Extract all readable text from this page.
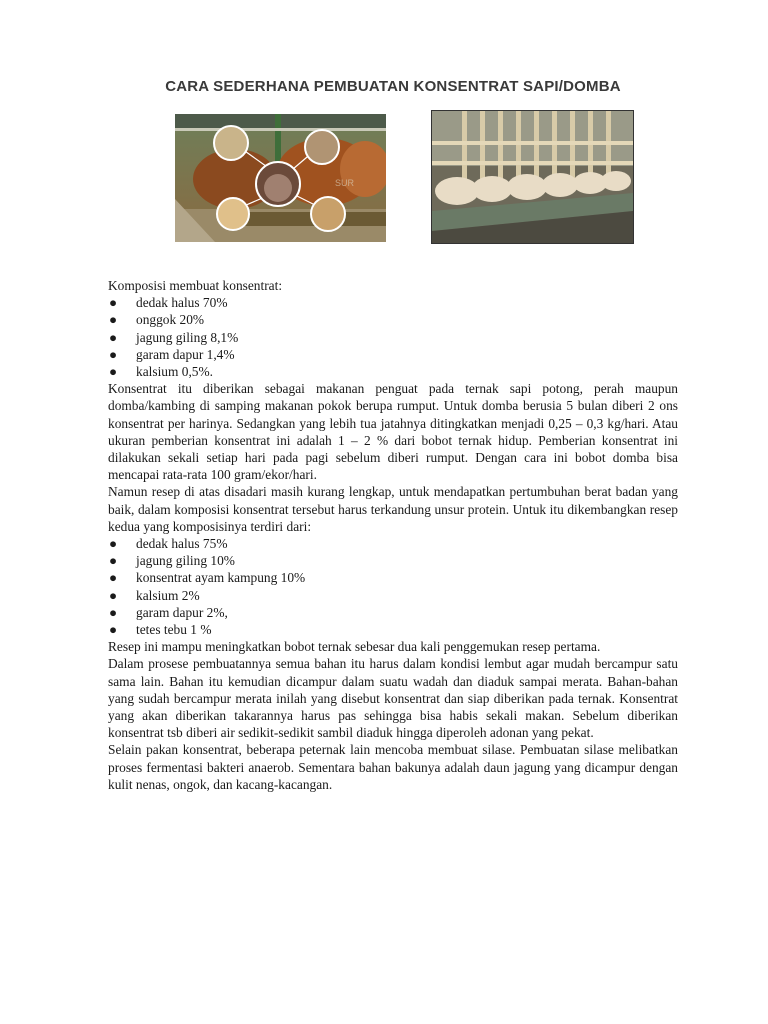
CARA SEDERHANA PEMBUATAN KONSENTRAT SAPI/DOMBA
SUR

Komposisi membuat konsentrat:

● dedak halus 70%
● onggok 20%
● jagung giling 8,1%
● garam dapur 1,4%
● kalsium 0,5%.

Konsentrat itu diberikan sebagai makanan penguat pada ternak sapi potong, perah maupun domba/kambing di samping makanan pokok berupa rumput. Untuk domba berusia 5 bulan diberi 2 ons konsentrat per harinya. Sedangkan yang lebih tua jatahnya ditingkatkan menjadi 0,25 – 0,3 kg/hari. Atau ukuran pemberian konsentrat ini adalah 1 – 2 % dari bobot ternak hidup. Pemberian konsentrat ini dilakukan sekali setiap hari pada pagi sebelum diberi rumput. Dengan cara ini bobot domba bisa mencapai rata-rata 100 gram/ekor/hari.

Namun resep di atas disadari masih kurang lengkap, untuk mendapatkan pertumbuhan berat badan yang baik, dalam komposisi konsentrat tersebut harus terkandung unsur protein. Untuk itu dikembangkan resep kedua yang komposisinya terdiri dari:

● dedak halus 75%
● jagung giling 10%
● konsentrat ayam kampung 10%
● kalsium 2%
● garam dapur 2%,
● tetes tebu 1 %

Resep ini mampu meningkatkan bobot ternak sebesar dua kali penggemukan resep pertama.

Dalam prosese pembuatannya semua bahan itu harus dalam kondisi lembut agar mudah bercampur satu sama lain. Bahan itu kemudian dicampur dalam suatu wadah dan diaduk sampai merata. Bahan-bahan yang sudah bercampur merata inilah yang disebut konsentrat dan siap diberikan pada ternak. Konsentrat yang akan diberikan takarannya harus pas sehingga bisa habis sekali makan. Sebelum diberikan konsentrat tsb diberi air sedikit-sedikit sambil diaduk hingga diperoleh adonan yang pekat.

Selain pakan konsentrat, beberapa peternak lain mencoba membuat silase. Pembuatan silase melibatkan proses fermentasi bakteri anaerob. Sementara bahan bakunya adalah daun jagung yang dicampur dengan kulit nenas, ongok, dan kacang-kacangan.
